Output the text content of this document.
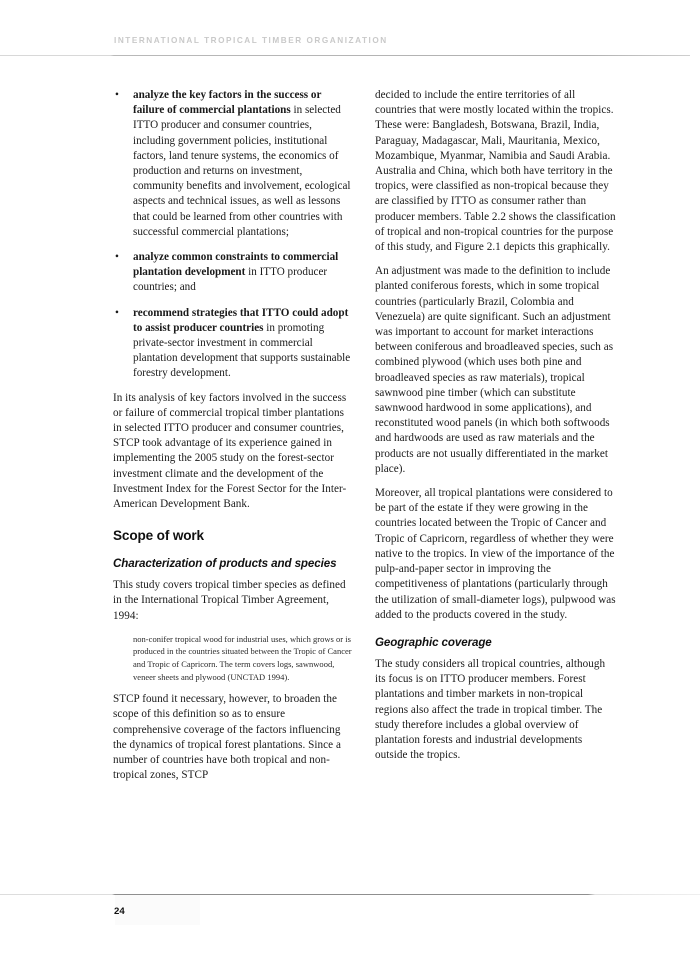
INTERNATIONAL TROPICAL TIMBER ORGANIZATION
• analyze the key factors in the success or failure of commercial plantations in selected ITTO producer and consumer countries, including government policies, institutional factors, land tenure systems, the economics of production and returns on investment, community benefits and involvement, ecological aspects and technical issues, as well as lessons that could be learned from other countries with successful commercial plantations;
• analyze common constraints to commercial plantation development in ITTO producer countries; and
• recommend strategies that ITTO could adopt to assist producer countries in promoting private-sector investment in commercial plantation development that supports sustainable forestry development.

In its analysis of key factors involved in the success or failure of commercial tropical timber plantations in selected ITTO producer and consumer countries, STCP took advantage of its experience gained in implementing the 2005 study on the forest-sector investment climate and the development of the Investment Index for the Forest Sector for the Inter-American Development Bank.

Scope of work
Characterization of products and species

This study covers tropical timber species as defined in the International Tropical Timber Agreement, 1994:

non-conifer tropical wood for industrial uses, which grows or is produced in the countries situated between the Tropic of Cancer and Tropic of Capricorn. The term covers logs, sawnwood, veneer sheets and plywood (UNCTAD 1994).

STCP found it necessary, however, to broaden the scope of this definition so as to ensure comprehensive coverage of the factors influencing the dynamics of tropical forest plantations. Since a number of countries have both tropical and non-tropical zones, STCP

decided to include the entire territories of all countries that were mostly located within the tropics. These were: Bangladesh, Botswana, Brazil, India, Paraguay, Madagascar, Mali, Mauritania, Mexico, Mozambique, Myanmar, Namibia and Saudi Arabia. Australia and China, which both have territory in the tropics, were classified as non-tropical because they are classified by ITTO as consumer rather than producer members. Table 2.2 shows the classification of tropical and non-tropical countries for the purpose of this study, and Figure 2.1 depicts this graphically.

An adjustment was made to the definition to include planted coniferous forests, which in some tropical countries (particularly Brazil, Colombia and Venezuela) are quite significant. Such an adjustment was important to account for market interactions between coniferous and broadleaved species, such as combined plywood (which uses both pine and broadleaved species as raw materials), tropical sawnwood pine timber (which can substitute sawnwood hardwood in some applications), and reconstituted wood panels (in which both softwoods and hardwoods are used as raw materials and the products are not usually differentiated in the market place).

Moreover, all tropical plantations were considered to be part of the estate if they were growing in the countries located between the Tropic of Cancer and Tropic of Capricorn, regardless of whether they were native to the tropics. In view of the importance of the pulp-and-paper sector in improving the competitiveness of plantations (particularly through the utilization of small-diameter logs), pulpwood was added to the products covered in the study.

Geographic coverage

The study considers all tropical countries, although its focus is on ITTO producer members. Forest plantations and timber markets in non-tropical regions also affect the trade in tropical timber. The study therefore includes a global overview of plantation forests and industrial developments outside the tropics.

24
